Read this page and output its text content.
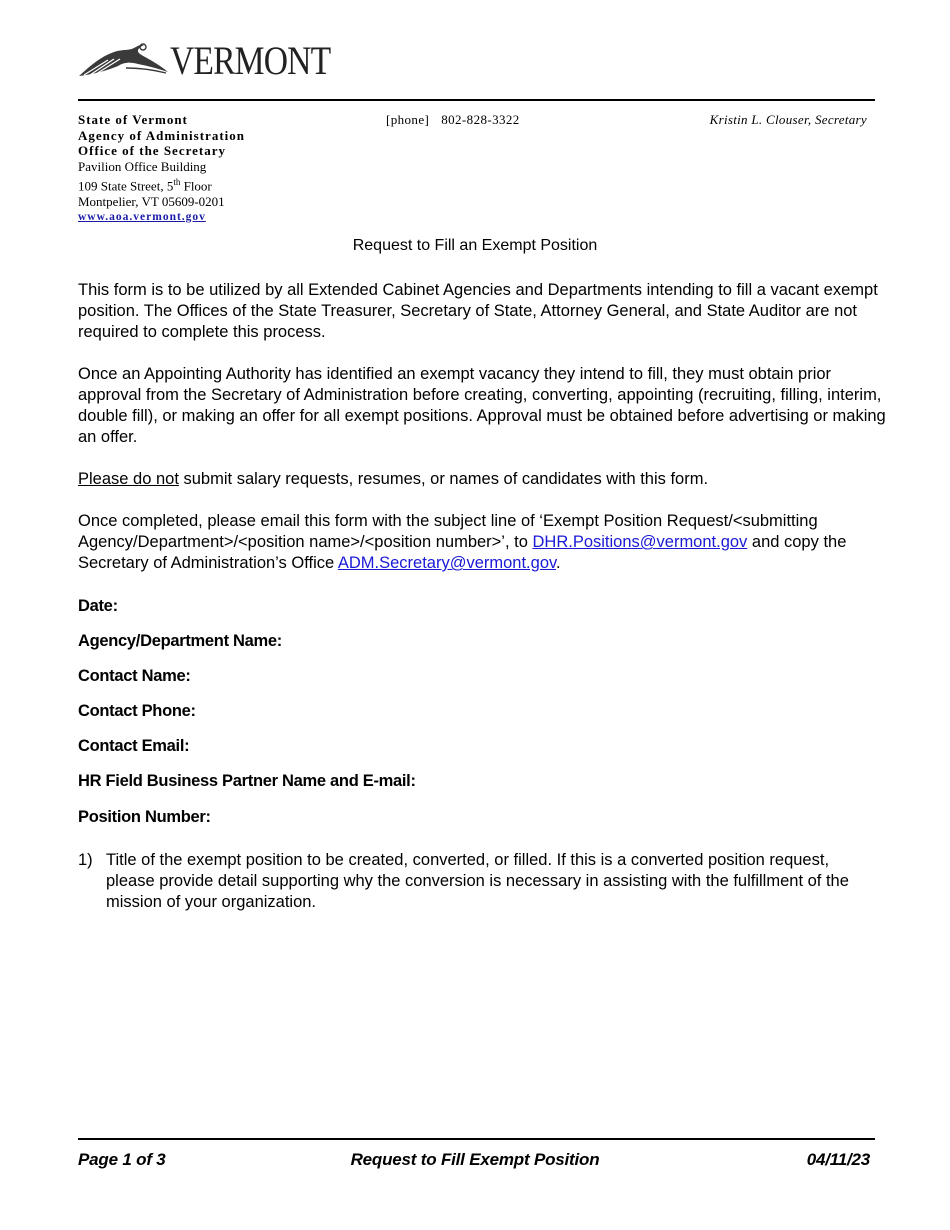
VERMONT
State of Vermont
Agency of Administration
Office of the Secretary
Pavilion Office Building
109 State Street, 5th Floor
Montpelier, VT 05609-0201
www.aoa.vermont.gov
[phone] 802-828-3322	Kristin L. Clouser, Secretary
Request to Fill an Exempt Position
This form is to be utilized by all Extended Cabinet Agencies and Departments intending to fill a vacant exempt position. The Offices of the State Treasurer, Secretary of State, Attorney General, and State Auditor are not required to complete this process.
Once an Appointing Authority has identified an exempt vacancy they intend to fill, they must obtain prior approval from the Secretary of Administration before creating, converting, appointing (recruiting, filling, interim, double fill), or making an offer for all exempt positions. Approval must be obtained before advertising or making an offer.
Please do not submit salary requests, resumes, or names of candidates with this form.
Once completed, please email this form with the subject line of ‘Exempt Position Request/<submitting Agency/Department>/<position name>/<position number>’, to DHR.Positions@vermont.gov and copy the Secretary of Administration’s Office ADM.Secretary@vermont.gov.
Date:
Agency/Department Name:
Contact Name:
Contact Phone:
Contact Email:
HR Field Business Partner Name and E-mail:
Position Number:
1) Title of the exempt position to be created, converted, or filled. If this is a converted position request, please provide detail supporting why the conversion is necessary in assisting with the fulfillment of the mission of your organization.
Page 1 of 3	Request to Fill Exempt Position	04/11/23
